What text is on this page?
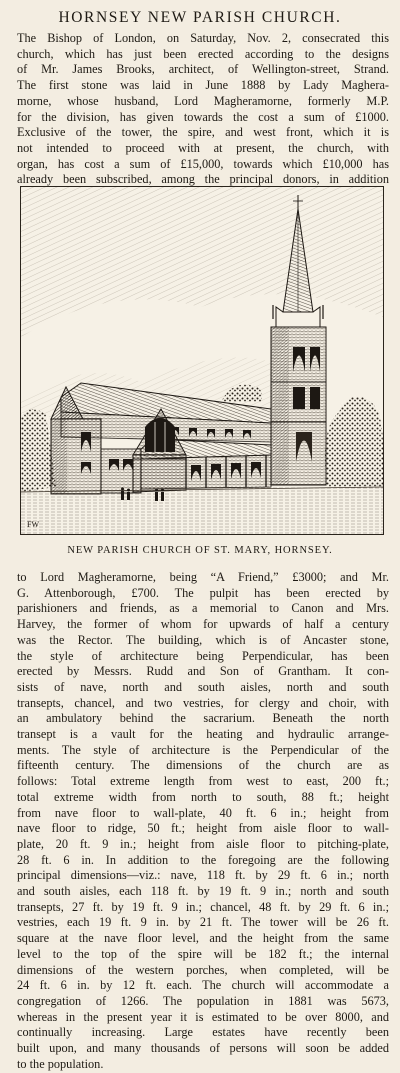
HORNSEY NEW PARISH CHURCH.
The Bishop of London, on Saturday, Nov. 2, consecrated this
church, which has just been erected according to the designs
of Mr. James Brooks, architect, of Wellington-street, Strand.
The first stone was laid in June 1888 by Lady Maghera-
morne, whose husband, Lord Magheramorne, formerly M.P.
for the division, has given towards the cost a sum of £1000.
Exclusive of the tower, the spire, and west front, which it is
not intended to proceed with at present, the church, with
organ, has cost a sum of £15,000, towards which £10,000 has
already been subscribed, among the principal donors, in addition
FW
NEW PARISH CHURCH OF ST. MARY, HORNSEY.
to Lord Magheramorne, being “A Friend,” £3000; and Mr.
G. Attenborough, £700. The pulpit has been erected by
parishioners and friends, as a memorial to Canon and Mrs.
Harvey, the former of whom for upwards of half a century
was the Rector. The building, which is of Ancaster stone,
the style of architecture being Perpendicular, has been
erected by Messrs. Rudd and Son of Grantham. It con-
sists of nave, north and south aisles, north and south
transepts, chancel, and two vestries, for clergy and choir, with
an ambulatory behind the sacrarium. Beneath the north
transept is a vault for the heating and hydraulic arrange-
ments. The style of architecture is the Perpendicular of the
fifteenth century. The dimensions of the church are as
follows: Total extreme length from west to east, 200 ft.;
total extreme width from north to south, 88 ft.; height
from nave floor to wall-plate, 40 ft. 6 in.; height from
nave floor to ridge, 50 ft.; height from aisle floor to wall-
plate, 20 ft. 9 in.; height from aisle floor to pitching-plate,
28 ft. 6 in. In addition to the foregoing are the following
principal dimensions—viz.: nave, 118 ft. by 29 ft. 6 in.; north
and south aisles, each 118 ft. by 19 ft. 9 in.; north and south
transepts, 27 ft. by 19 ft. 9 in.; chancel, 48 ft. by 29 ft. 6 in.;
vestries, each 19 ft. 9 in. by 21 ft. The tower will be 26 ft.
square at the nave floor level, and the height from the same
level to the top of the spire will be 182 ft.; the internal
dimensions of the western porches, when completed, will be
24 ft. 6 in. by 12 ft. each. The church will accommodate a
congregation of 1266. The population in 1881 was 5673,
whereas in the present year it is estimated to be over 8000, and
continually increasing. Large estates have recently been
built upon, and many thousands of persons will soon be added
to the population.
